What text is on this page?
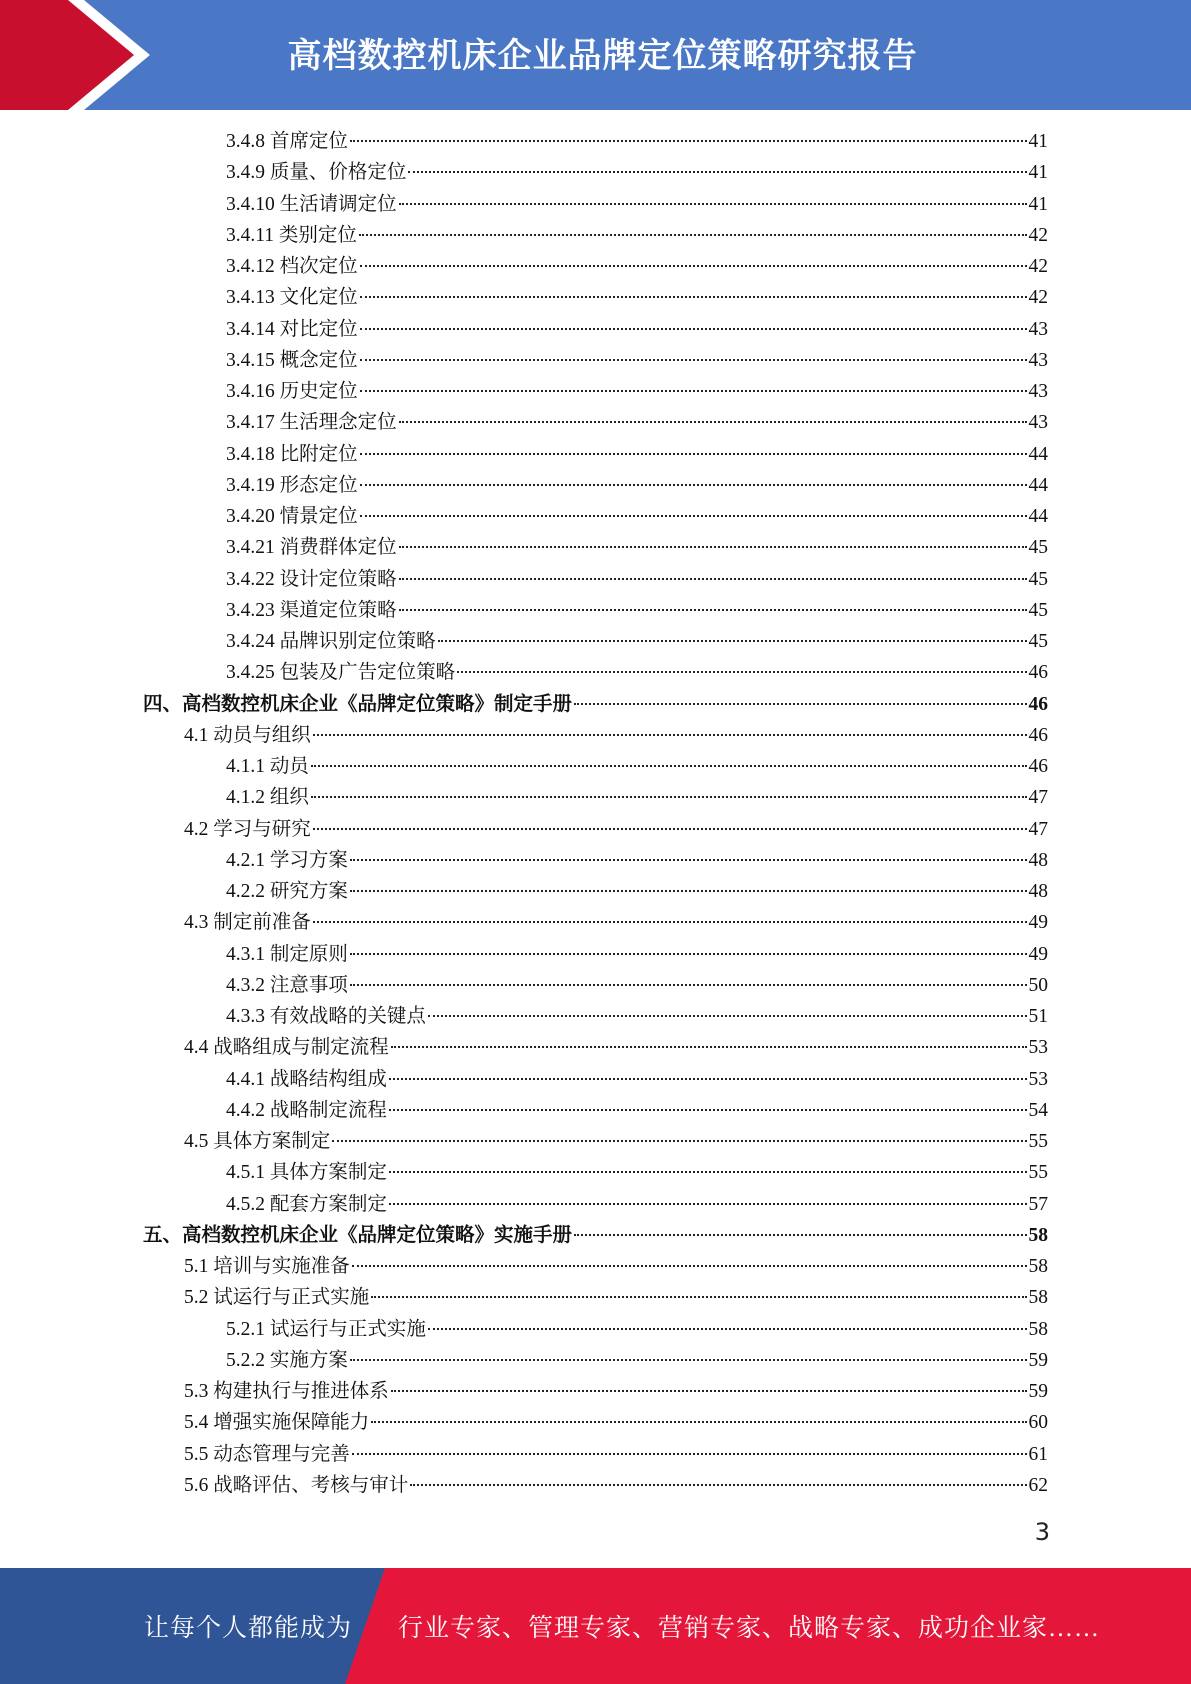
高档数控机床企业品牌定位策略研究报告
3.4.8 首席定位	41
3.4.9 质量、价格定位	41
3.4.10 生活请调定位	41
3.4.11 类别定位	42
3.4.12 档次定位	42
3.4.13 文化定位	42
3.4.14 对比定位	43
3.4.15 概念定位	43
3.4.16 历史定位	43
3.4.17 生活理念定位	43
3.4.18 比附定位	44
3.4.19 形态定位	44
3.4.20 情景定位	44
3.4.21 消费群体定位	45
3.4.22 设计定位策略	45
3.4.23 渠道定位策略	45
3.4.24 品牌识别定位策略	45
3.4.25 包装及广告定位策略	46
四、高档数控机床企业《品牌定位策略》制定手册	46
4.1 动员与组织	46
4.1.1 动员	46
4.1.2 组织	47
4.2 学习与研究	47
4.2.1 学习方案	48
4.2.2 研究方案	48
4.3 制定前准备	49
4.3.1 制定原则	49
4.3.2 注意事项	50
4.3.3 有效战略的关键点	51
4.4 战略组成与制定流程	53
4.4.1 战略结构组成	53
4.4.2 战略制定流程	54
4.5 具体方案制定	55
4.5.1 具体方案制定	55
4.5.2 配套方案制定	57
五、高档数控机床企业《品牌定位策略》实施手册	58
5.1 培训与实施准备	58
5.2 试运行与正式实施	58
5.2.1 试运行与正式实施	58
5.2.2 实施方案	59
5.3 构建执行与推进体系	59
5.4 增强实施保障能力	60
5.5 动态管理与完善	61
5.6 战略评估、考核与审计	62
3
让每个人都能成为 行业专家、管理专家、营销专家、战略专家、成功企业家……
